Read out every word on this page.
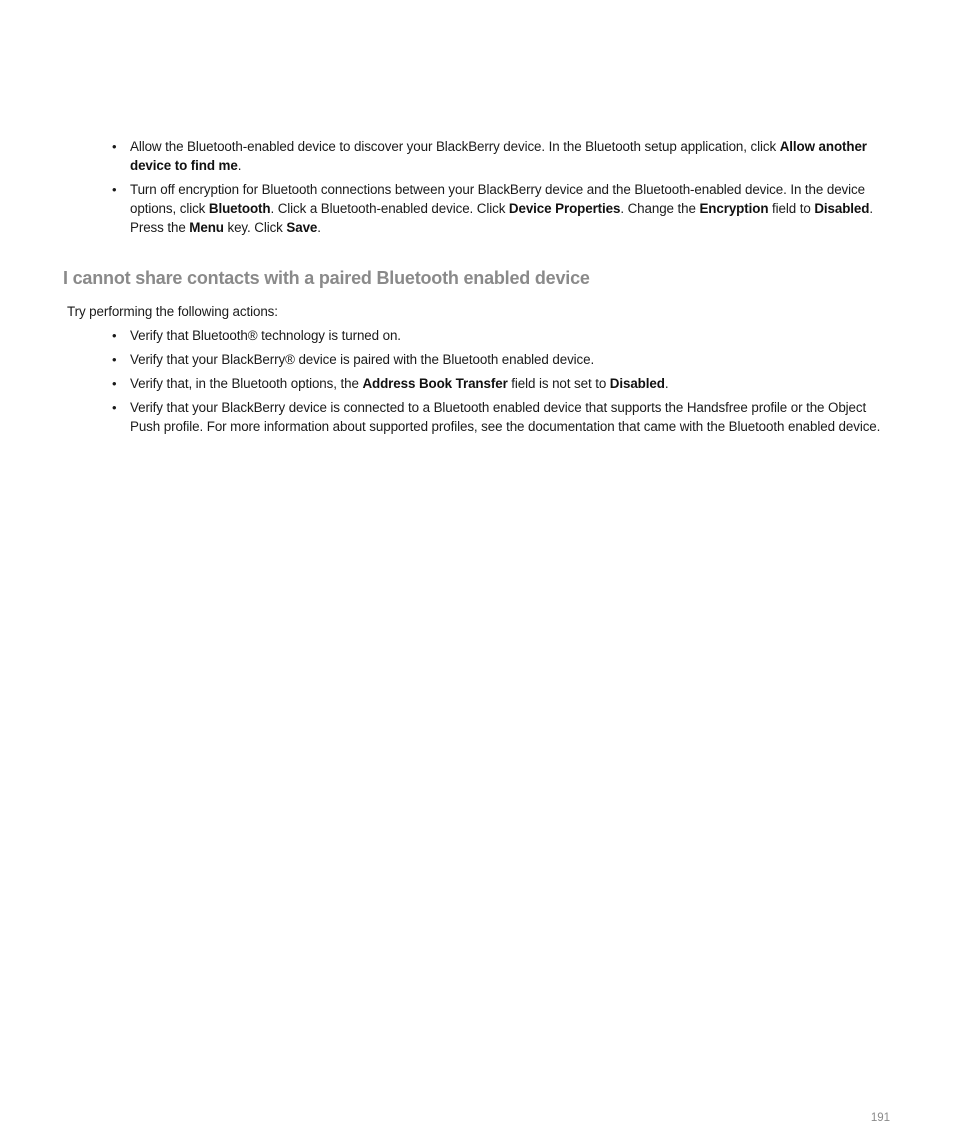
• Allow the Bluetooth-enabled device to discover your BlackBerry device. In the Bluetooth setup application, click Allow another device to find me.
• Turn off encryption for Bluetooth connections between your BlackBerry device and the Bluetooth-enabled device. In the device options, click Bluetooth. Click a Bluetooth-enabled device. Click Device Properties. Change the Encryption field to Disabled. Press the Menu key. Click Save.
I cannot share contacts with a paired Bluetooth enabled device

Try performing the following actions:

• Verify that Bluetooth® technology is turned on.
• Verify that your BlackBerry® device is paired with the Bluetooth enabled device.
• Verify that, in the Bluetooth options, the Address Book Transfer field is not set to Disabled.
• Verify that your BlackBerry device is connected to a Bluetooth enabled device that supports the Handsfree profile or the Object Push profile. For more information about supported profiles, see the documentation that came with the Bluetooth enabled device.
191
